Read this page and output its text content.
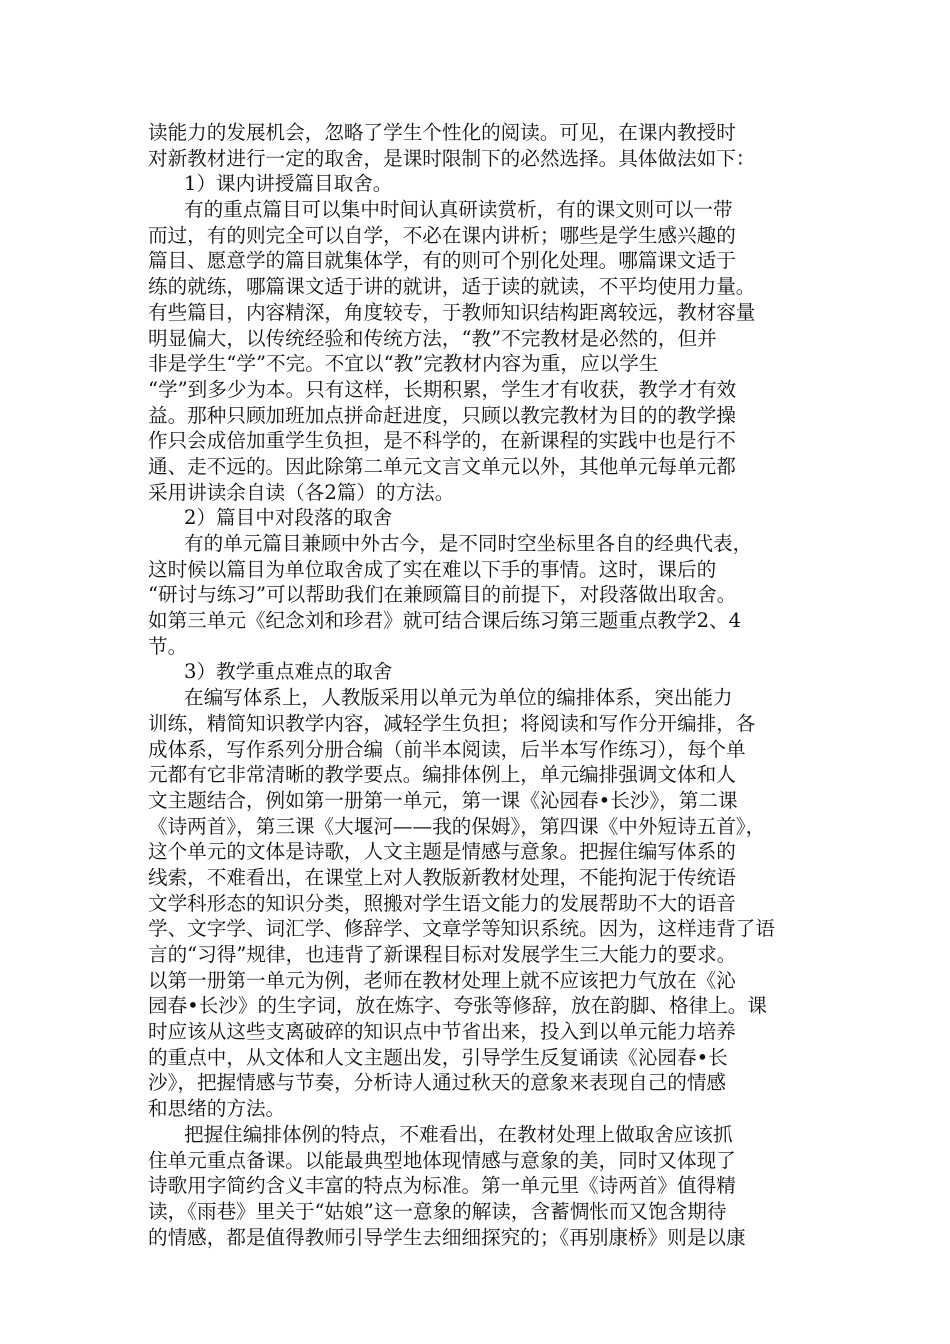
读能力的发展机会，忽略了学生个性化的阅读。可见，在课内教授时
对新教材进行一定的取舍，是课时限制下的必然选择。具体做法如下：
1）课内讲授篇目取舍。
有的重点篇目可以集中时间认真研读赏析，有的课文则可以一带
而过，有的则完全可以自学，不必在课内讲析；哪些是学生感兴趣的
篇目、愿意学的篇目就集体学，有的则可个别化处理。哪篇课文适于
练的就练，哪篇课文适于讲的就讲，适于读的就读，不平均使用力量。
有些篇目，内容精深，角度较专，于教师知识结构距离较远，教材容量
明显偏大，以传统经验和传统方法，“教”不完教材是必然的，但并
非是学生“学”不完。不宜以“教”完教材内容为重，应以学生
“学”到多少为本。只有这样，长期积累，学生才有收获，教学才有效
益。那种只顾加班加点拼命赶进度，只顾以教完教材为目的的教学操
作只会成倍加重学生负担，是不科学的，在新课程的实践中也是行不
通、走不远的。因此除第二单元文言文单元以外，其他单元每单元都
采用讲读余自读（各2篇）的方法。
2）篇目中对段落的取舍
有的单元篇目兼顾中外古今，是不同时空坐标里各自的经典代表，
这时候以篇目为单位取舍成了实在难以下手的事情。这时，课后的
“研讨与练习”可以帮助我们在兼顾篇目的前提下，对段落做出取舍。
如第三单元《纪念刘和珍君》就可结合课后练习第三题重点教学2、4
节。
3）教学重点难点的取舍
在编写体系上，人教版采用以单元为单位的编排体系，突出能力
训练，精简知识教学内容，减轻学生负担；将阅读和写作分开编排，各
成体系，写作系列分册合编（前半本阅读，后半本写作练习），每个单
元都有它非常清晰的教学要点。编排体例上，单元编排强调文体和人
文主题结合，例如第一册第一单元，第一课《沁园春•长沙》，第二课
《诗两首》，第三课《大堰河——我的保姆》，第四课《中外短诗五首》，
这个单元的文体是诗歌，人文主题是情感与意象。把握住编写体系的
线索，不难看出，在课堂上对人教版新教材处理，不能拘泥于传统语
文学科形态的知识分类，照搬对学生语文能力的发展帮助不大的语音
学、文字学、词汇学、修辞学、文章学等知识系统。因为，这样违背了语
言的“习得”规律，也违背了新课程目标对发展学生三大能力的要求。
以第一册第一单元为例，老师在教材处理上就不应该把力气放在《沁
园春•长沙》的生字词，放在炼字、夸张等修辞，放在韵脚、格律上。课
时应该从这些支离破碎的知识点中节省出来，投入到以单元能力培养
的重点中，从文体和人文主题出发，引导学生反复诵读《沁园春•长
沙》，把握情感与节奏，分析诗人通过秋天的意象来表现自己的情感
和思绪的方法。
把握住编排体例的特点，不难看出，在教材处理上做取舍应该抓
住单元重点备课。以能最典型地体现情感与意象的美，同时又体现了
诗歌用字简约含义丰富的特点为标准。第一单元里《诗两首》值得精
读，《雨巷》里关于“姑娘”这一意象的解读，含蓄惆怅而又饱含期待
的情感，都是值得教师引导学生去细细探究的；《再别康桥》则是以康
